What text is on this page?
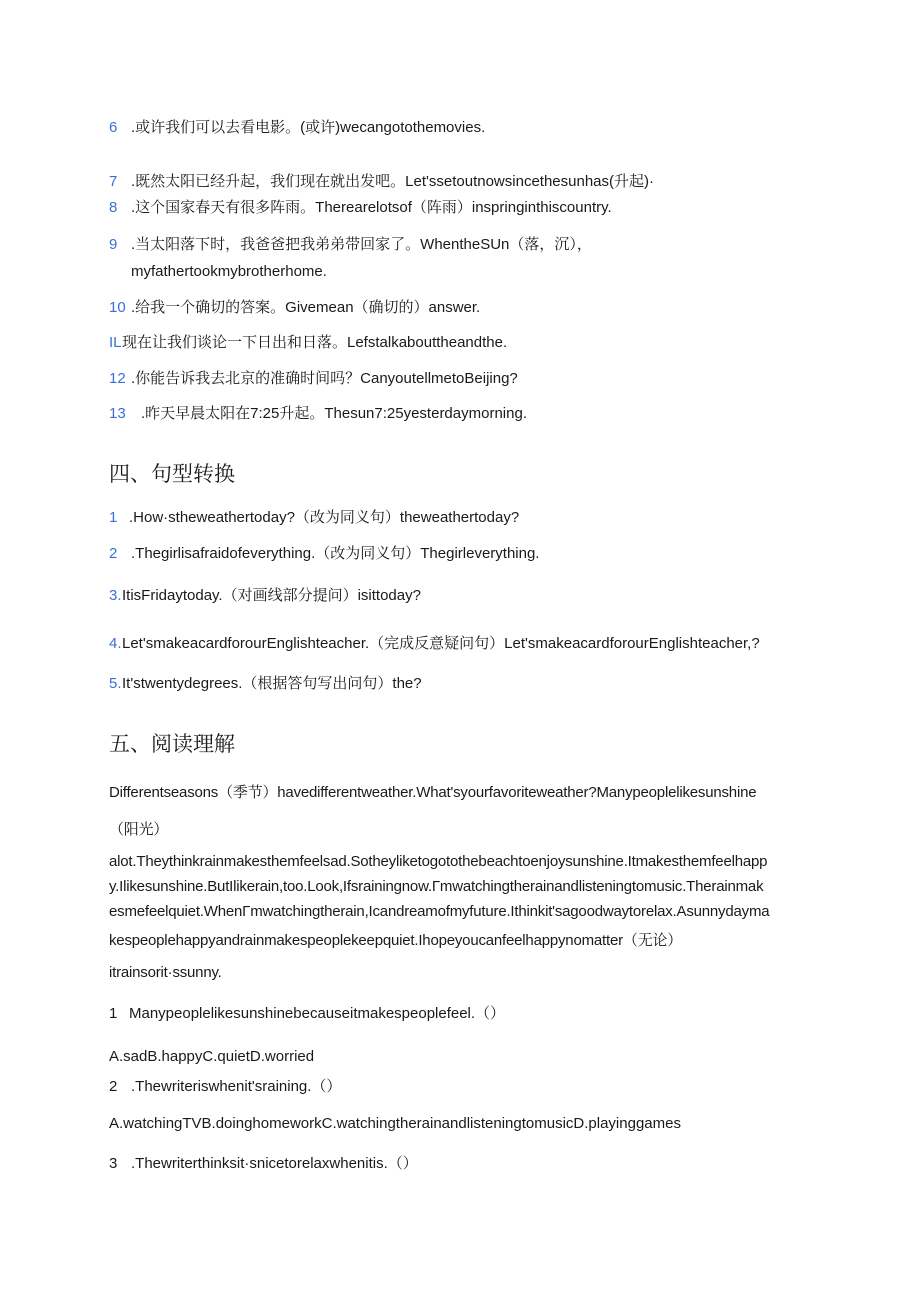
6 .或许我们可以去看电影。(或许)wecangotothemovies.
7 .既然太阳已经升起，我们现在就出发吧。Let'ssetoutnowsincethesunhas(升起)·
8 .这个国家春天有很多阵雨。Therearelotsof（阵雨）inspringinthiscountry.
9 .当太阳落下时，我爸爸把我弟弟带回家了。WhentheSUn（落，沉），
myfathertookmybrotherhome.
10 .给我一个确切的答案。Givemean（确切的）answer.
IL现在让我们谈论一下日出和日落。Lefstalkabouttheandthe.
12 .你能告诉我去北京的准确时间吗？CanyoutellmetoBeijing?
13 .昨天早晨太阳在7:25升起。Thesun7:25yesterdaymorning.
四、句型转换
1 .How·stheweathertoday?（改为同义句）theweathertoday?
2 .Thegirlisafraidofeverything.（改为同义句）Thegirleverything.
3.ItisFridaytoday.（对画线部分提问）isittoday?
4.Let'smakeacardforourEnglishteacher.（完成反意疑问句）Let'smakeacardforourEnglishteacher,?
5.It'stwentydegrees.（根据答句写出问句）the?
五、阅读理解
Differentseasons（季节）havedifferentweather.What'syourfavoriteweather?Manypeoplelikesunshine
（阳光）
alot.Theythinkrainmakesthemfeelsad.Sotheyliketogotothebeachtoenjoysunshine.Itmakesthemfeelhapp
y.Ilikesunshine.ButIlikerain,too.Look,Ifsrainingnow.Γmwatchingtherainandlisteningtomusic.Therainmak
esmefeelquiet.WhenΓmwatchingtherain,Icandreamofmyfuture.Ithinkit'sagoodwaytorelax.Asunnydayma
kespeoplehappyandrainmakespeoplekeepquiet.Ihopeyoucanfeelhappynomatter（无论）
itrainsorit·ssunny.
1 Manypeoplelikesunshinebecauseitmakespeoplefeel.（）
A.sadB.happyC.quietD.worried
2 .Thewriteriswhenit'sraining.（）
A.watchingTVB.doinghomeworkC.watchingtherainandlisteningtomusicD.playinggames
3 .Thewriterthinksit·snicetorelaxwhenitis.（）
